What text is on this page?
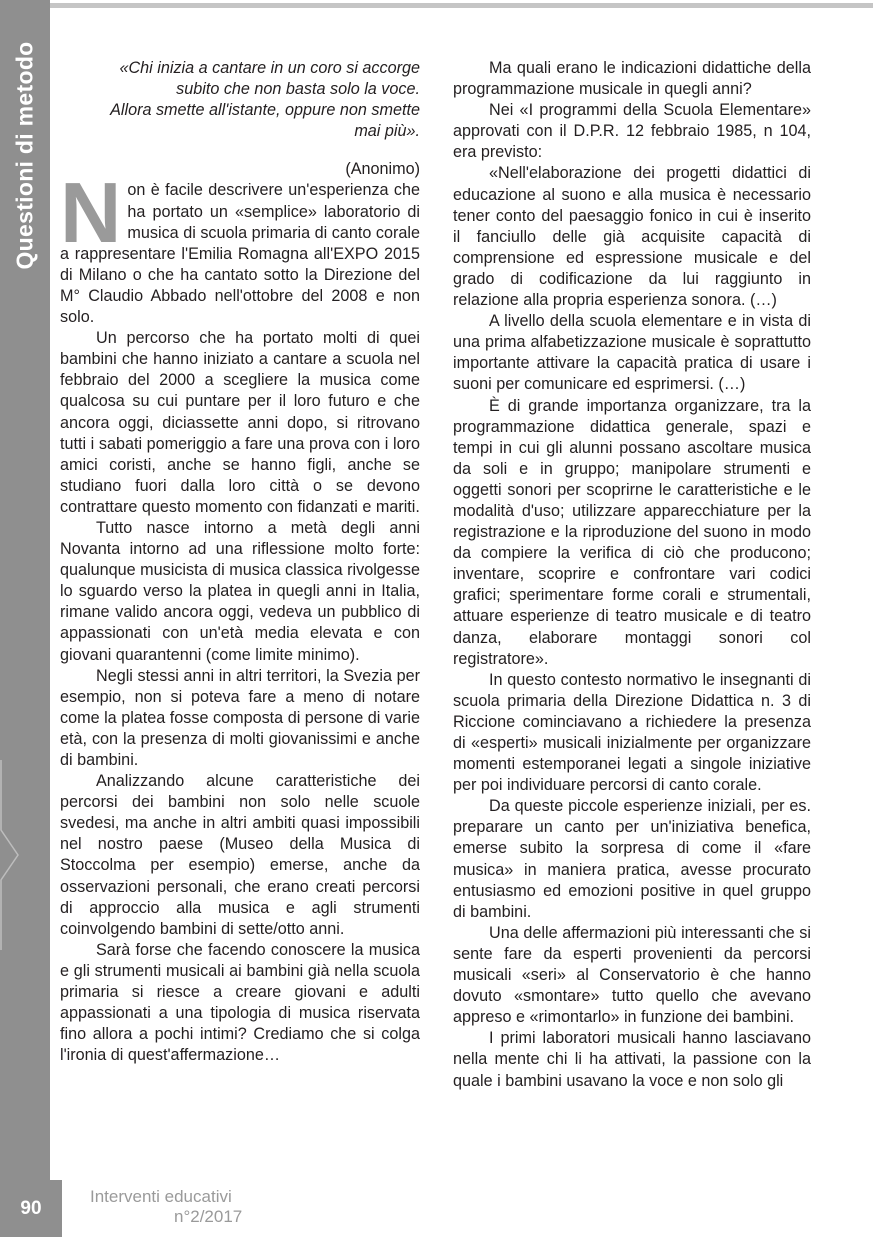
Questioni di metodo	«Chi inizia a cantare in un coro si accorge

subito che non basta solo la voce.

Allora smette all'istante, oppure non smette

mai più».

(Anonimo)

N on è facile descrivere un'esperienza che ha portato un «semplice» laboratorio di musica di scuola primaria di canto corale a rappresentare l'Emilia Romagna all'EXPO 2015 di Milano o che ha cantato sotto la Direzione del M° Claudio Abbado nell'ottobre del 2008 e non solo.

Un percorso che ha portato molti di quei bambini che hanno iniziato a cantare a scuola nel febbraio del 2000 a scegliere la musica come qualcosa su cui puntare per il loro futuro e che ancora oggi, diciassette anni dopo, si ritrovano tutti i sabati pomeriggio a fare una prova con i loro amici coristi, anche se hanno figli, anche se studiano fuori dalla loro città o se devono contrattare questo momento con fidanzati e mariti.

Tutto nasce intorno a metà degli anni Novanta intorno ad una riflessione molto forte: qualunque musicista di musica classica rivolgesse lo sguardo verso la platea in quegli anni in Italia, rimane valido ancora oggi, vedeva un pubblico di appassionati con un'età media elevata e con giovani quarantenni (come limite minimo).

Negli stessi anni in altri territori, la Svezia per esempio, non si poteva fare a meno di notare come la platea fosse composta di persone di varie età, con la presenza di molti giovanissimi e anche di bambini.

Analizzando alcune caratteristiche dei percorsi dei bambini non solo nelle scuole svedesi, ma anche in altri ambiti quasi impossibili nel nostro paese (Museo della Musica di Stoccolma per esempio) emerse, anche da osservazioni personali, che erano creati percorsi di approccio alla musica e agli strumenti coinvolgendo bambini di sette/otto anni.

Sarà forse che facendo conoscere la musica e gli strumenti musicali ai bambini già nella scuola primaria si riesce a creare giovani e adulti appassionati a una tipologia di musica riservata fino allora a pochi intimi? Crediamo che si colga l'ironia di quest'affermazione…

Ma quali erano le indicazioni didattiche della programmazione musicale in quegli anni?

Nei «I programmi della Scuola Elementare» approvati con il D.P.R. 12 febbraio 1985, n 104, era previsto:

«Nell'elaborazione dei progetti didattici di educazione al suono e alla musica è necessario tener conto del paesaggio fonico in cui è inserito il fanciullo delle già acquisite capacità di comprensione ed espressione musicale e del grado di codificazione da lui raggiunto in relazione alla propria esperienza sonora. (…)

A livello della scuola elementare e in vista di una prima alfabetizzazione musicale è soprattutto importante attivare la capacità pratica di usare i suoni per comunicare ed esprimersi. (…)

È di grande importanza organizzare, tra la programmazione didattica generale, spazi e tempi in cui gli alunni possano ascoltare musica da soli e in gruppo; manipolare strumenti e oggetti sonori per scoprirne le caratteristiche e le modalità d'uso; utilizzare apparecchiature per la registrazione e la riproduzione del suono in modo da compiere la verifica di ciò che producono; inventare, scoprire e confrontare vari codici grafici; sperimentare forme corali e strumentali, attuare esperienze di teatro musicale e di teatro danza, elaborare montaggi sonori col registratore».

In questo contesto normativo le insegnanti di scuola primaria della Direzione Didattica n. 3 di Riccione cominciavano a richiedere la presenza di «esperti» musicali inizialmente per organizzare momenti estemporanei legati a singole iniziative per poi individuare percorsi di canto corale.

Da queste piccole esperienze iniziali, per es. preparare un canto per un'iniziativa benefica, emerse subito la sorpresa di come il «fare musica» in maniera pratica, avesse procurato entusiasmo ed emozioni positive in quel gruppo di bambini.

Una delle affermazioni più interessanti che si sente fare da esperti provenienti da percorsi musicali «seri» al Conservatorio è che hanno dovuto «smontare» tutto quello che avevano appreso e «rimontarlo» in funzione dei bambini.

I primi laboratori musicali hanno lasciavano nella mente chi li ha attivati, la passione con la quale i bambini usavano la voce e non solo gli

90
Interventi educativi
n°2/2017
